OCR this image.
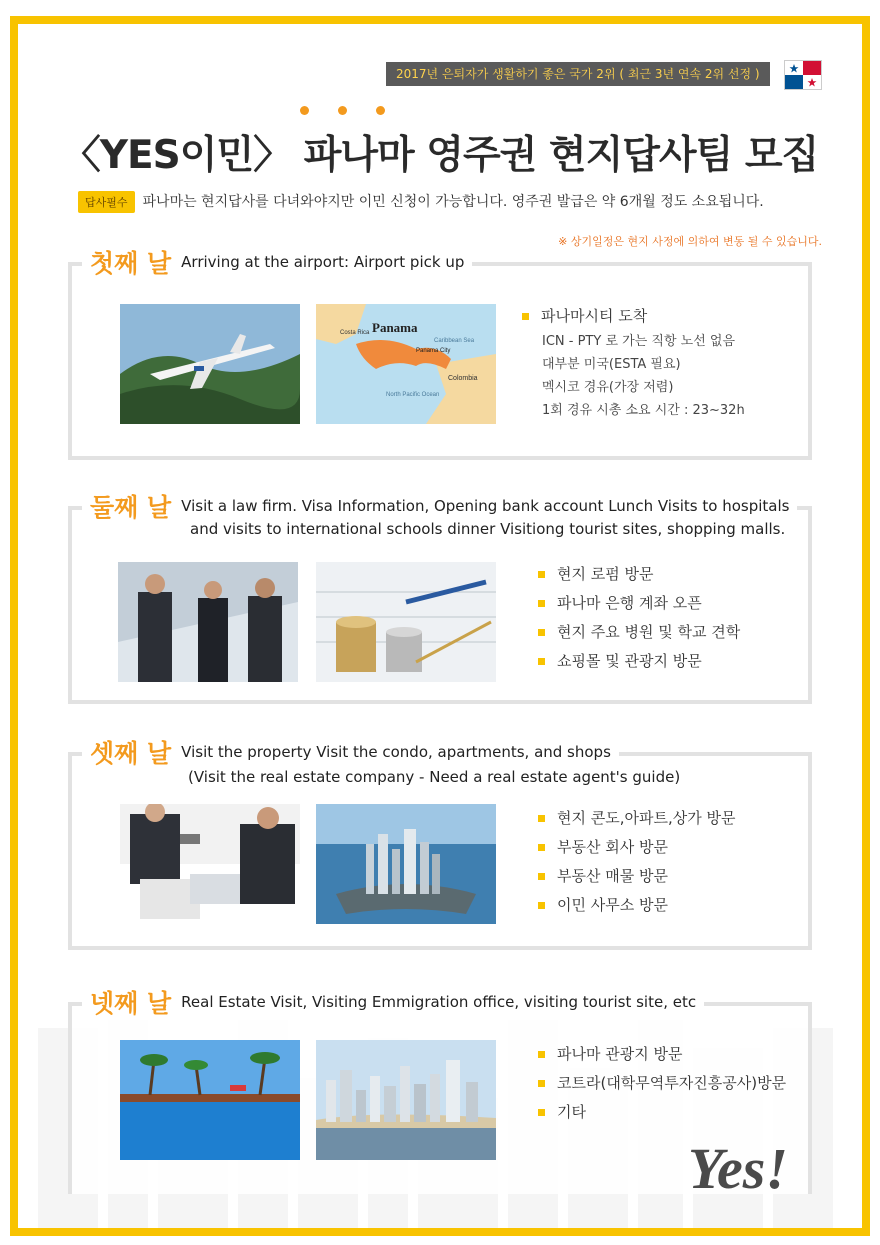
2017년 은퇴자가 생활하기 좋은 국가 2위 ( 최근 3년 연속 2위 선정 )
〈YES이민〉 파나마 영주권 현지답사팀 모집
답사필수 파나마는 현지답사를 다녀와야지만 이민 신청이 가능합니다. 영주권 발급은 약 6개월 정도 소요됩니다.
※ 상기일정은 현지 사정에 의하여 변동 될 수 있습니다.
첫째 날 Arriving at the airport: Airport pick up
Panama
Costa Rica
Caribbean Sea
Panama City
Colombia
North Pacific Ocean
파나마시티 도착
ICN - PTY 로 가는 직항 노선 없음
대부분 미국(ESTA 필요)
멕시코 경유(가장 저렴)
1회 경유 시총 소요 시간 : 23~32h
둘째 날 Visit a law firm. Visa Information, Opening bank account Lunch Visits to hospitals
and visits to international schools dinner Visitiong tourist sites, shopping malls.
현지 로펌 방문
파나마 은행 계좌 오픈
현지 주요 병원 및 학교 견학
쇼핑몰 및 관광지 방문
셋째 날 Visit the property Visit the condo, apartments, and shops
(Visit the real estate company - Need a real estate agent's guide)
현지 콘도,아파트,상가 방문
부동산 회사 방문
부동산 매물 방문
이민 사무소 방문
넷째 날 Real Estate Visit, Visiting Emmigration office, visiting tourist site, etc
파나마 관광지 방문
코트라(대학무역투자진흥공사)방문
기타
Yes!
